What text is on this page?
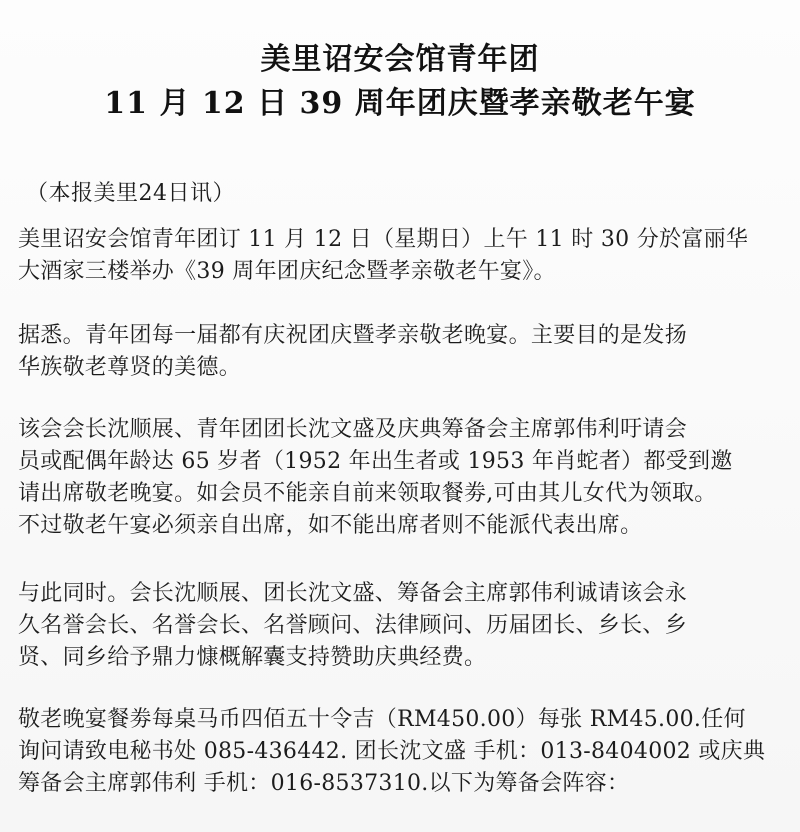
美里诏安会馆青年团
11 月 12 日 39 周年团庆暨孝亲敬老午宴
（本报美里24日讯）
美里诏安会馆青年团订 11 月 12 日（星期日）上午 11 时 30 分於富丽华
大酒家三楼举办《39 周年团庆纪念暨孝亲敬老午宴》。
据悉。青年团每一届都有庆祝团庆暨孝亲敬老晚宴。主要目的是发扬
华族敬老尊贤的美德。
该会会长沈顺展、青年团团长沈文盛及庆典筹备会主席郭伟利吁请会
员或配偶年龄达 65 岁者（1952 年出生者或 1953 年肖蛇者）都受到邀
请出席敬老晚宴。如会员不能亲自前来领取餐劵,可由其儿女代为领取。
不过敬老午宴必须亲自出席，如不能出席者则不能派代表出席。
与此同时。会长沈顺展、团长沈文盛、筹备会主席郭伟利诚请该会永
久名誉会长、名誉会长、名誉顾问、法律顾问、历届团长、乡长、乡
贤、同乡给予鼎力慷概解囊支持赞助庆典经费。
敬老晚宴餐劵每桌马币四佰五十令吉（RM450.00）每张 RM45.00.任何
询问请致电秘书处 085-436442. 团长沈文盛 手机：013-8404002 或庆典
筹备会主席郭伟利 手机：016-8537310.以下为筹备会阵容：
